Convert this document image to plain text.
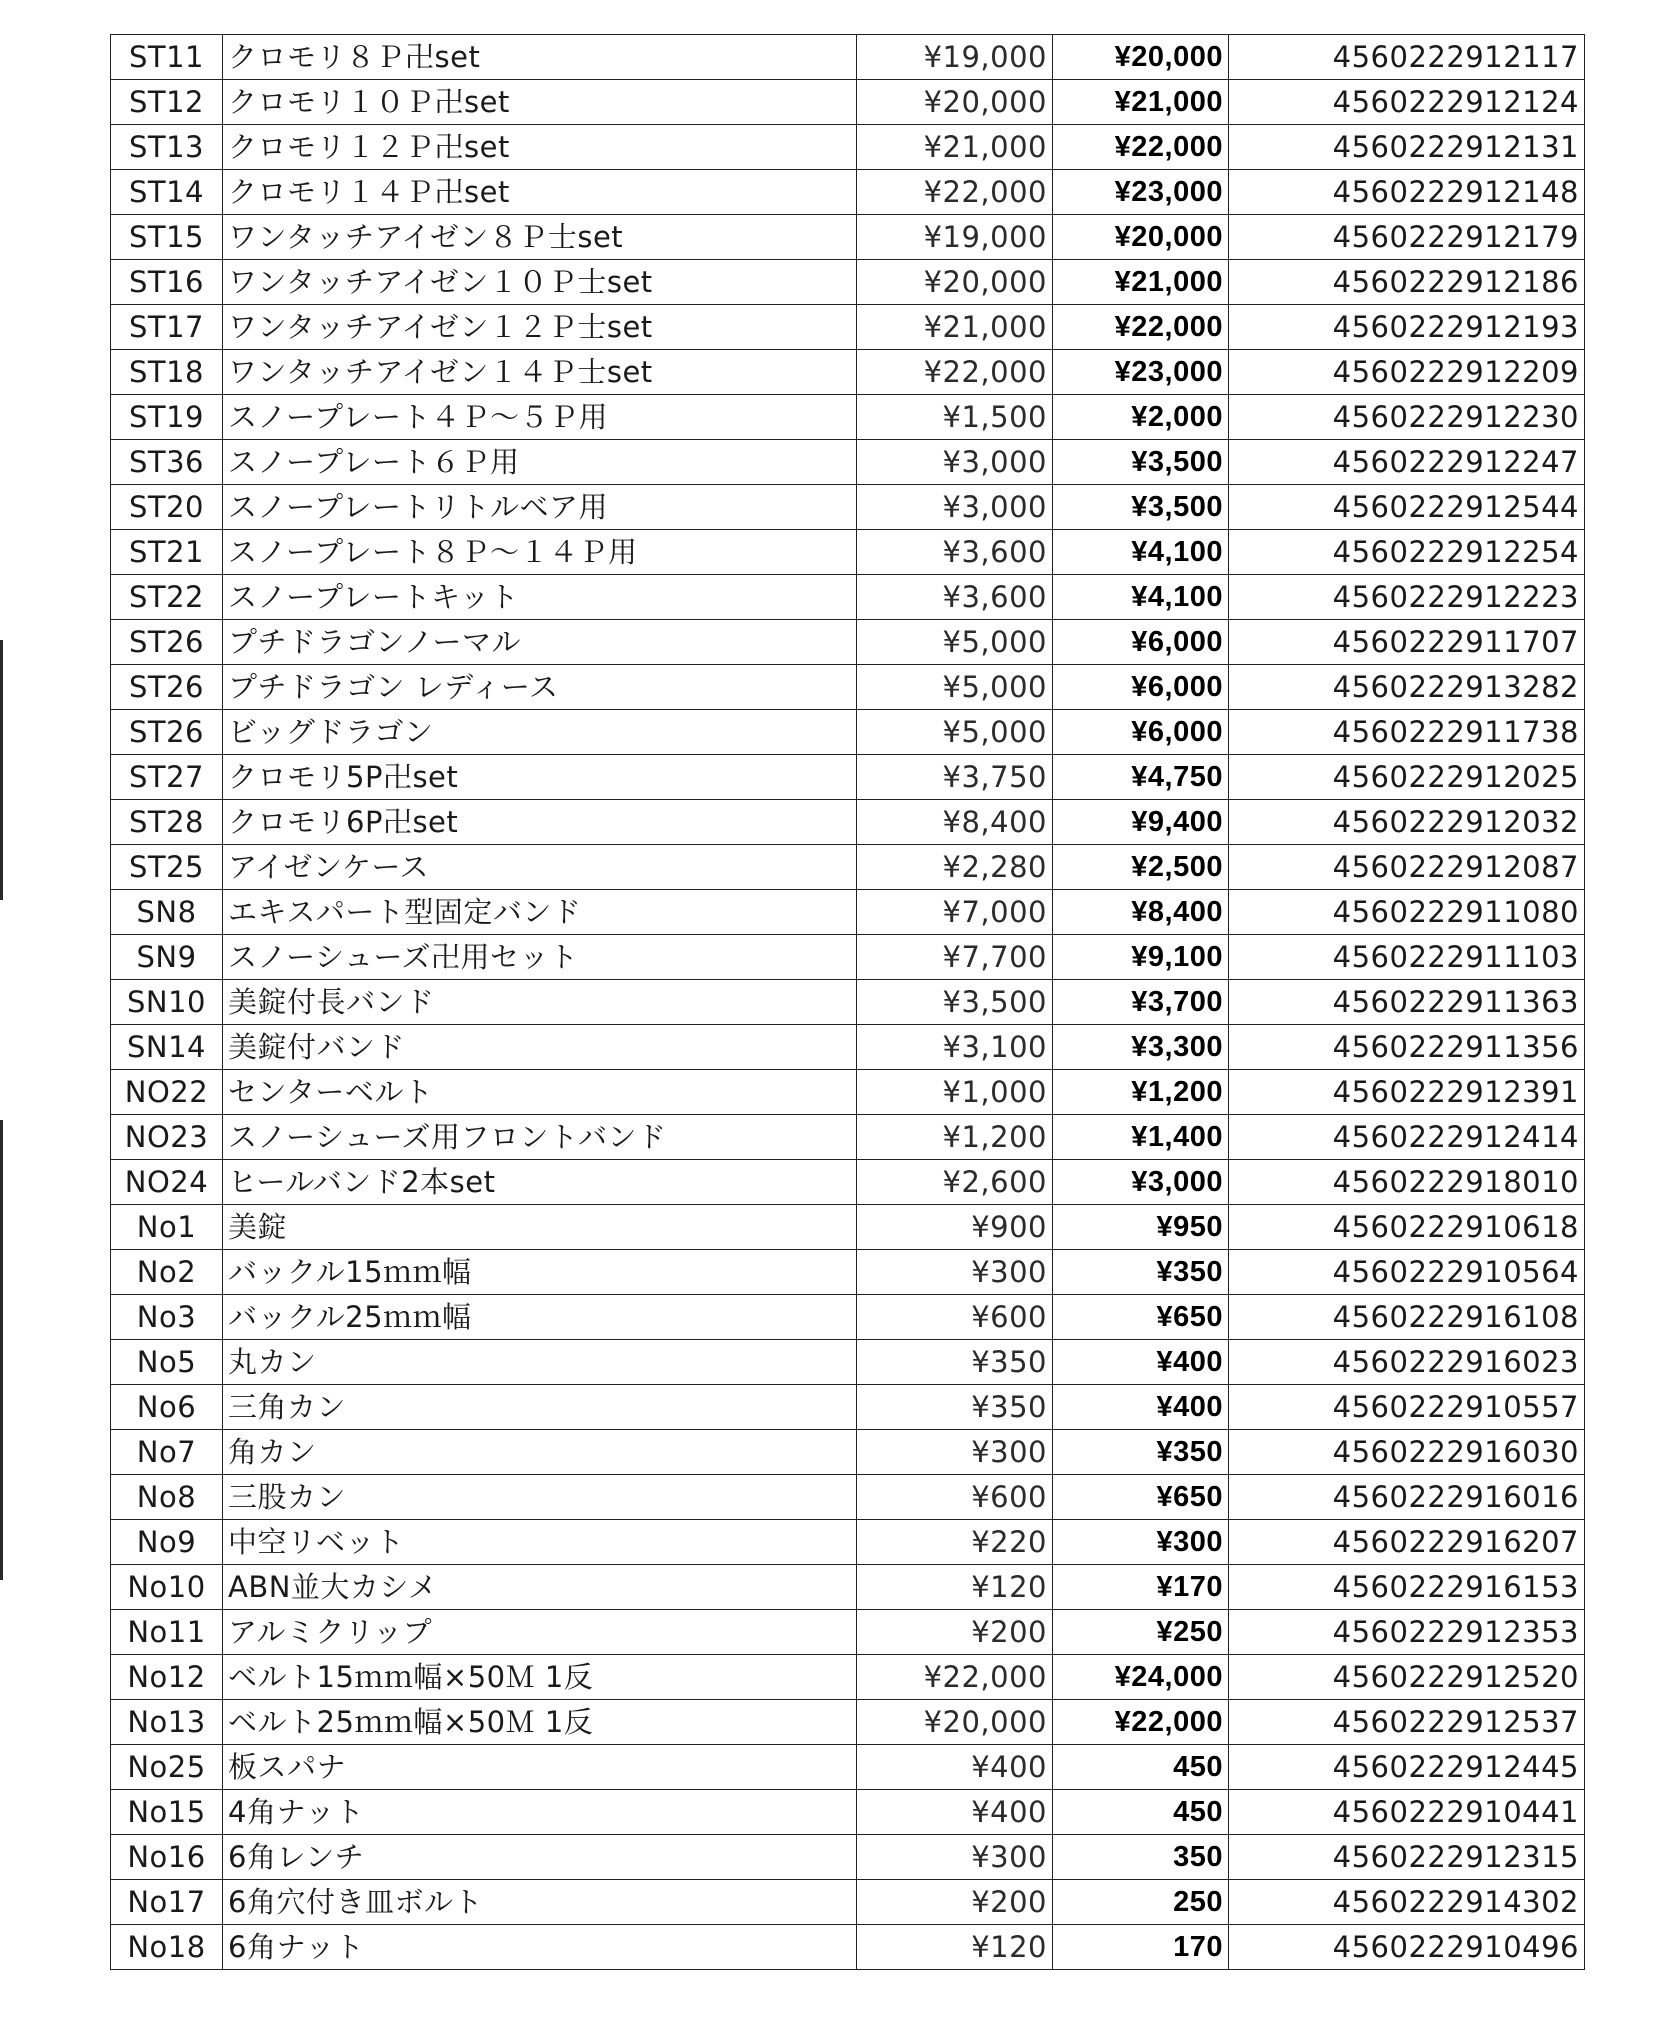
ST11	クロモリ８Ｐ卍set	¥19,000	¥20,000	4560222912117
ST12	クロモリ１０Ｐ卍set	¥20,000	¥21,000	4560222912124
ST13	クロモリ１２Ｐ卍set	¥21,000	¥22,000	4560222912131
ST14	クロモリ１４Ｐ卍set	¥22,000	¥23,000	4560222912148
ST15	ワンタッチアイゼン８Ｐ士set	¥19,000	¥20,000	4560222912179
ST16	ワンタッチアイゼン１０Ｐ士set	¥20,000	¥21,000	4560222912186
ST17	ワンタッチアイゼン１２Ｐ士set	¥21,000	¥22,000	4560222912193
ST18	ワンタッチアイゼン１４Ｐ士set	¥22,000	¥23,000	4560222912209
ST19	スノープレート４Ｐ～５Ｐ用	¥1,500	¥2,000	4560222912230
ST36	スノープレート６Ｐ用	¥3,000	¥3,500	4560222912247
ST20	スノープレートリトルベア用	¥3,000	¥3,500	4560222912544
ST21	スノープレート８Ｐ～１４Ｐ用	¥3,600	¥4,100	4560222912254
ST22	スノープレートキット	¥3,600	¥4,100	4560222912223
ST26	プチドラゴンノーマル	¥5,000	¥6,000	4560222911707
ST26	プチドラゴン レディース	¥5,000	¥6,000	4560222913282
ST26	ビッグドラゴン	¥5,000	¥6,000	4560222911738
ST27	クロモリ5P卍set	¥3,750	¥4,750	4560222912025
ST28	クロモリ6P卍set	¥8,400	¥9,400	4560222912032
ST25	アイゼンケース	¥2,280	¥2,500	4560222912087
SN8	エキスパート型固定バンド	¥7,000	¥8,400	4560222911080
SN9	スノーシューズ卍用セット	¥7,700	¥9,100	4560222911103
SN10	美錠付長バンド	¥3,500	¥3,700	4560222911363
SN14	美錠付バンド	¥3,100	¥3,300	4560222911356
NO22	センターベルト	¥1,000	¥1,200	4560222912391
NO23	スノーシューズ用フロントバンド	¥1,200	¥1,400	4560222912414
NO24	ヒールバンド2本set	¥2,600	¥3,000	4560222918010
No1	美錠	¥900	¥950	4560222910618
No2	バックル15ｍｍ幅	¥300	¥350	4560222910564
No3	バックル25ｍｍ幅	¥600	¥650	4560222916108
No5	丸カン	¥350	¥400	4560222916023
No6	三角カン	¥350	¥400	4560222910557
No7	角カン	¥300	¥350	4560222916030
No8	三股カン	¥600	¥650	4560222916016
No9	中空リベット	¥220	¥300	4560222916207
No10	ABN並大カシメ	¥120	¥170	4560222916153
No11	アルミクリップ	¥200	¥250	4560222912353
No12	ベルト15ｍｍ幅×50Ｍ 1反	¥22,000	¥24,000	4560222912520
No13	ベルト25ｍｍ幅×50Ｍ 1反	¥20,000	¥22,000	4560222912537
No25	板スパナ	¥400	450	4560222912445
No15	4角ナット	¥400	450	4560222910441
No16	6角レンチ	¥300	350	4560222912315
No17	6角穴付き皿ボルト	¥200	250	4560222914302
No18	6角ナット	¥120	170	4560222910496
